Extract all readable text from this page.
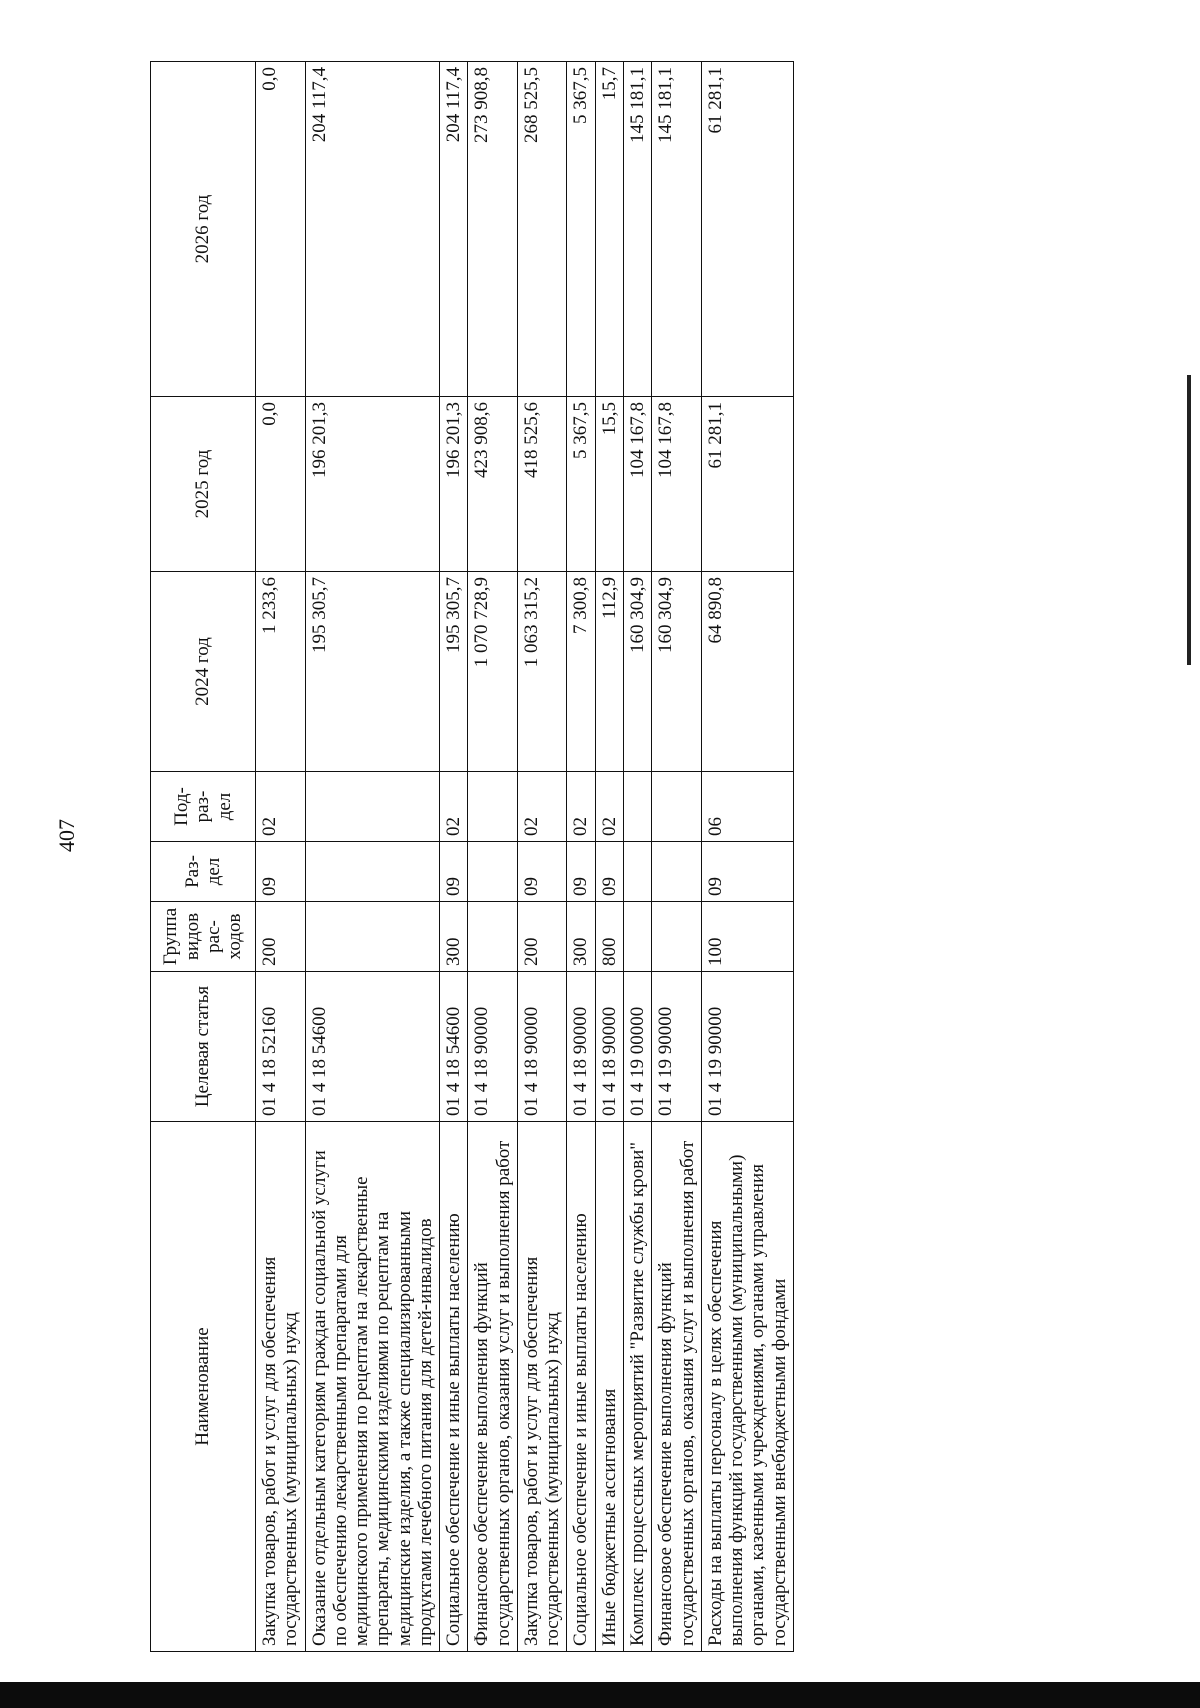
407
Наименование	Целевая статья	Группа видов рас-ходов	Раз-дел	Под-раз-дел	2024 год	2025 год	2026 год
Закупка товаров, работ и услуг для обеспечения государственных (муниципальных) нужд	01 4 18 52160	200	09	02	1 233,6	0,0	0,0
Оказание отдельным категориям граждан социальной услуги по обеспечению лекарственными препаратами для медицинского применения по рецептам на лекарственные препараты, медицинскими изделиями по рецептам на медицинские изделия, а также специализированными продуктами лечебного питания для детей-инвалидов	01 4 18 54600				195 305,7	196 201,3	204 117,4
Социальное обеспечение и иные выплаты населению	01 4 18 54600	300	09	02	195 305,7	196 201,3	204 117,4
Финансовое обеспечение выполнения функций государственных органов, оказания услуг и выполнения работ	01 4 18 90000				1 070 728,9	423 908,6	273 908,8
Закупка товаров, работ и услуг для обеспечения государственных (муниципальных) нужд	01 4 18 90000	200	09	02	1 063 315,2	418 525,6	268 525,5
Социальное обеспечение и иные выплаты населению	01 4 18 90000	300	09	02	7 300,8	5 367,5	5 367,5
Иные бюджетные ассигнования	01 4 18 90000	800	09	02	112,9	15,5	15,7
Комплекс процессных мероприятий "Развитие службы крови"	01 4 19 00000				160 304,9	104 167,8	145 181,1
Финансовое обеспечение выполнения функций государственных органов, оказания услуг и выполнения работ	01 4 19 90000				160 304,9	104 167,8	145 181,1
Расходы на выплаты персоналу в целях обеспечения выполнения функций государственными (муниципальными) органами, казенными учреждениями, органами управления государственными внебюджетными фондами	01 4 19 90000	100	09	06	64 890,8	61 281,1	61 281,1
